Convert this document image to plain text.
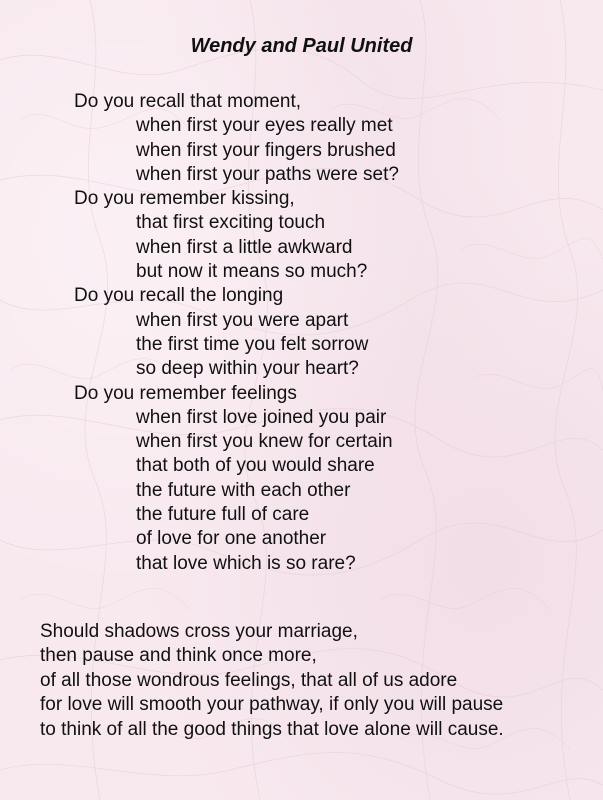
Wendy and Paul United
Do you recall that moment,
when first your eyes really met
when first your fingers brushed
when first your paths were set?
Do you remember kissing,
that first exciting touch
when first a little awkward
but now it means so much?
Do you recall the longing
when first you were apart
the first time you felt sorrow
so deep within your heart?
Do you remember feelings
when first love joined you pair
when first you knew for certain
that both of you would share
the future with each other
the future full of care
of love for one another
that love which is so rare?
Should shadows cross your marriage,
then pause and think once more,
of all those wondrous feelings, that all of us adore
for love will smooth your pathway, if only you will pause
to think of all the good things that love alone will cause.
